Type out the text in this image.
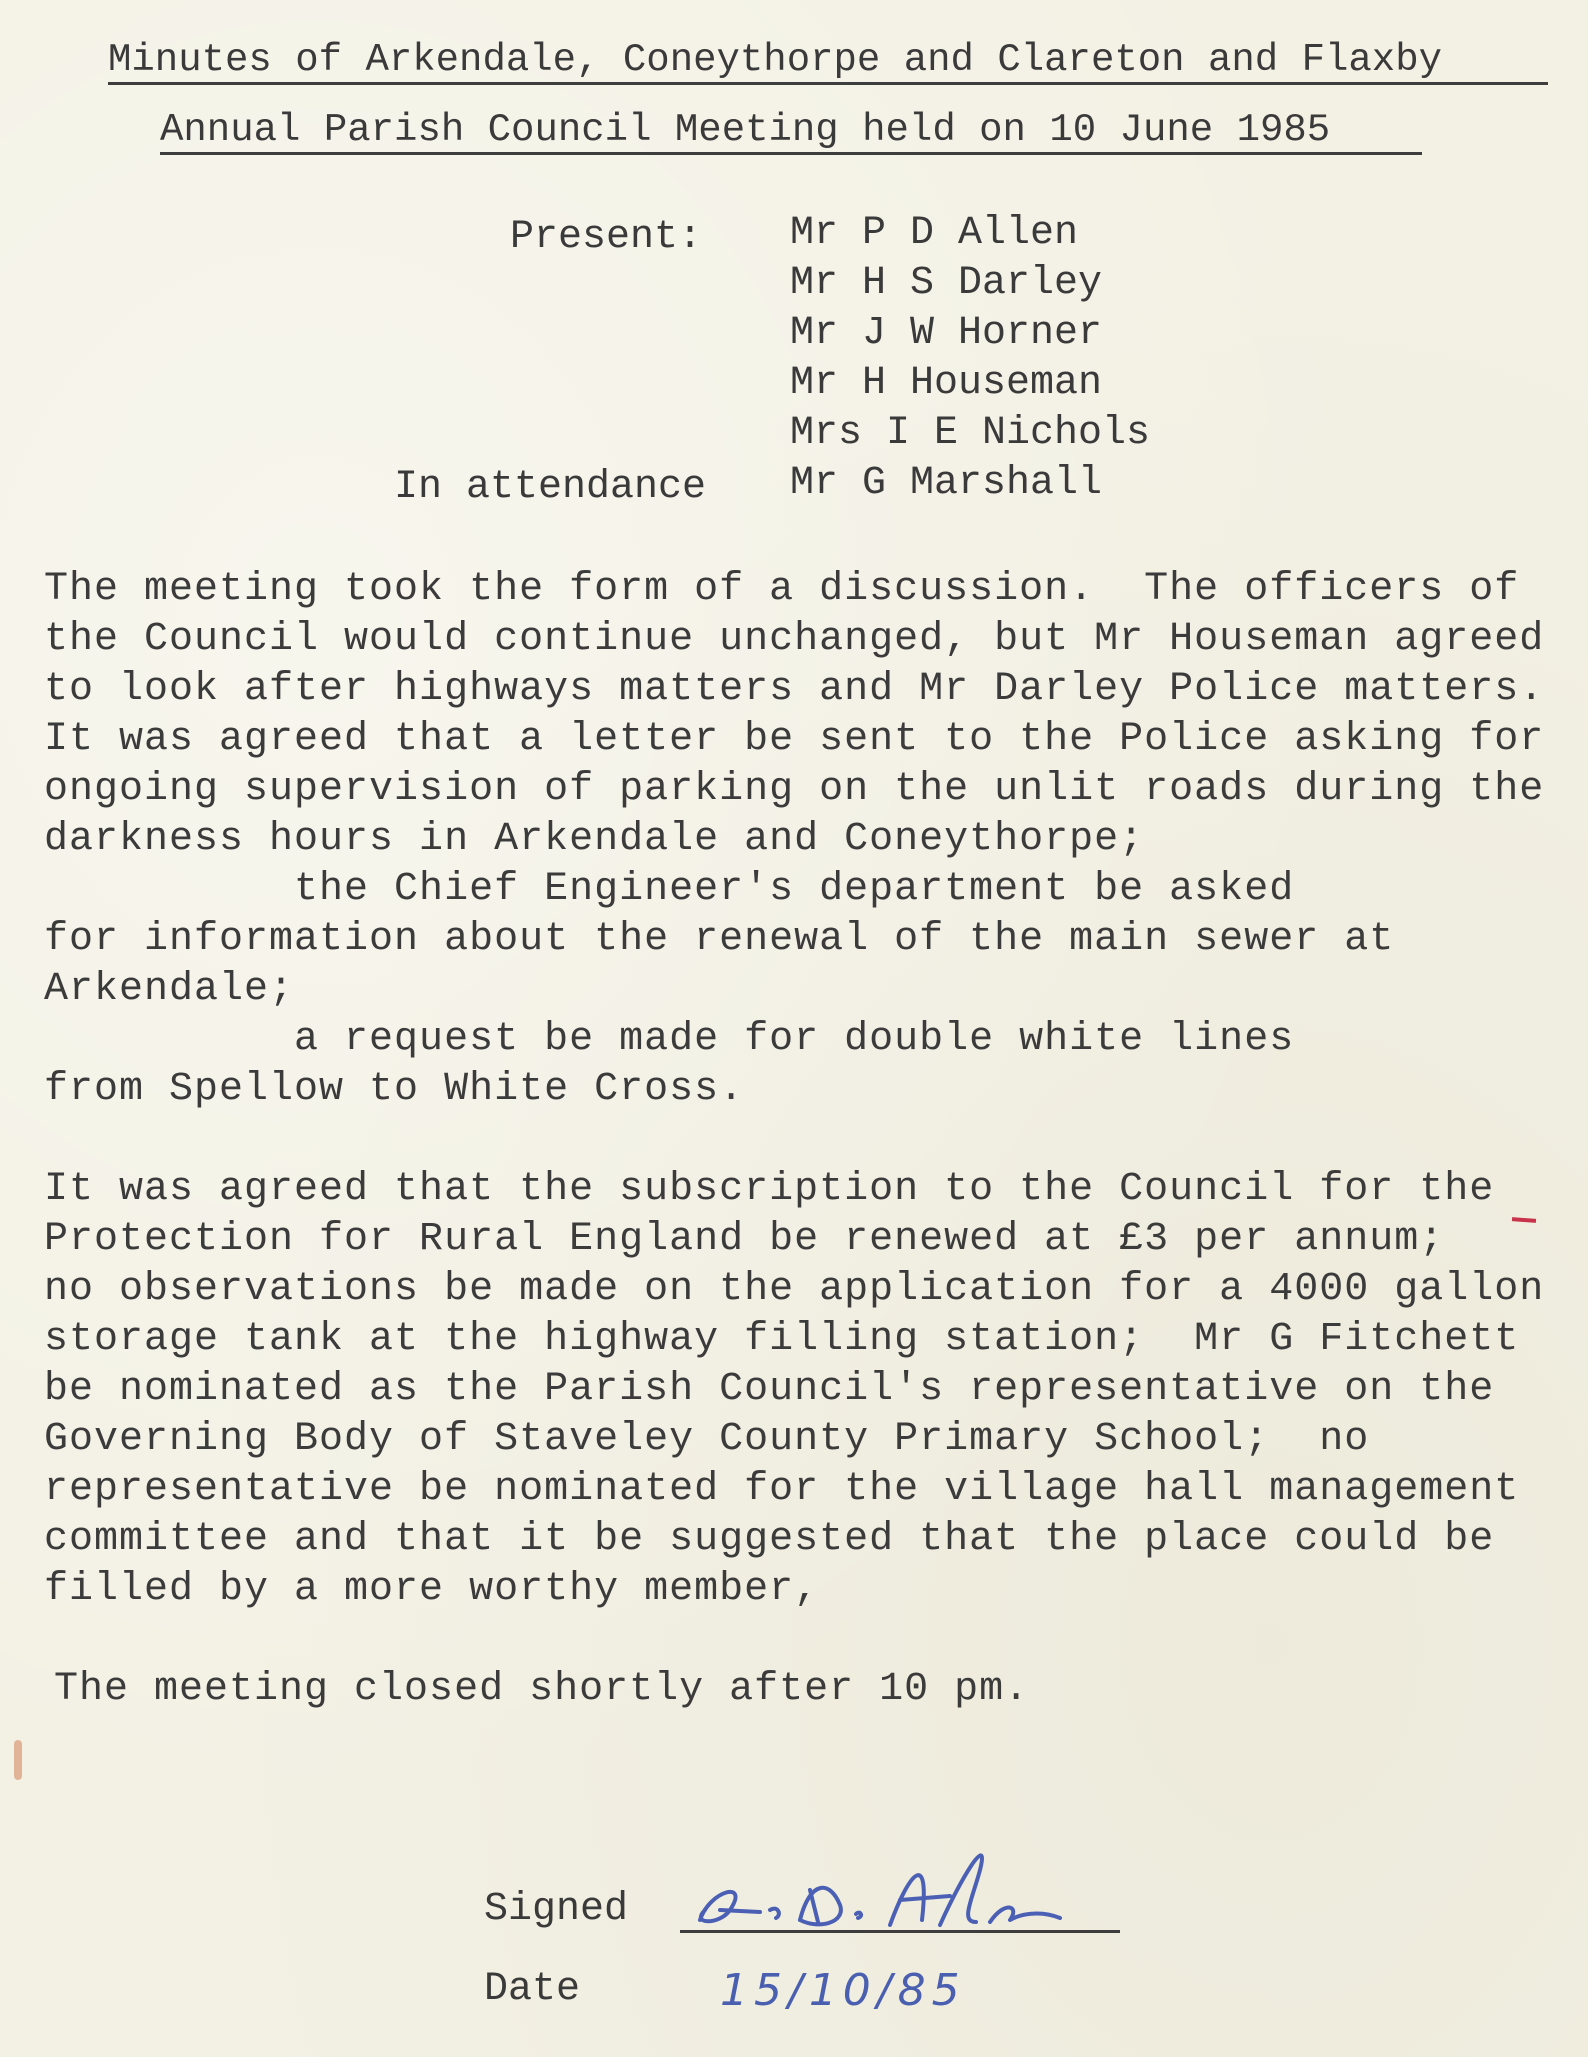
Minutes of Arkendale, Coneythorpe and Clareton and Flaxby
Annual Parish Council Meeting held on 10 June 1985
Present: Mr P D Allen
Mr H S Darley
Mr J W Horner
Mr H Houseman
Mrs I E Nichols
In attendance Mr G Marshall
The meeting took the form of a discussion.  The officers of
the Council would continue unchanged, but Mr Houseman agreed
to look after highways matters and Mr Darley Police matters.
It was agreed that a letter be sent to the Police asking for
ongoing supervision of parking on the unlit roads during the
darkness hours in Arkendale and Coneythorpe;
the Chief Engineer's department be asked
for information about the renewal of the main sewer at
Arkendale;
a request be made for double white lines
from Spellow to White Cross.
It was agreed that the subscription to the Council for the
Protection for Rural England be renewed at £3 per annum;
no observations be made on the application for a 4000 gallon
storage tank at the highway filling station;  Mr G Fitchett
be nominated as the Parish Council's representative on the
Governing Body of Staveley County Primary School;  no
representative be nominated for the village hall management
committee and that it be suggested that the place could be
filled by a more worthy member,
The meeting closed shortly after 10 pm.
Signed
Date	15/10/85
